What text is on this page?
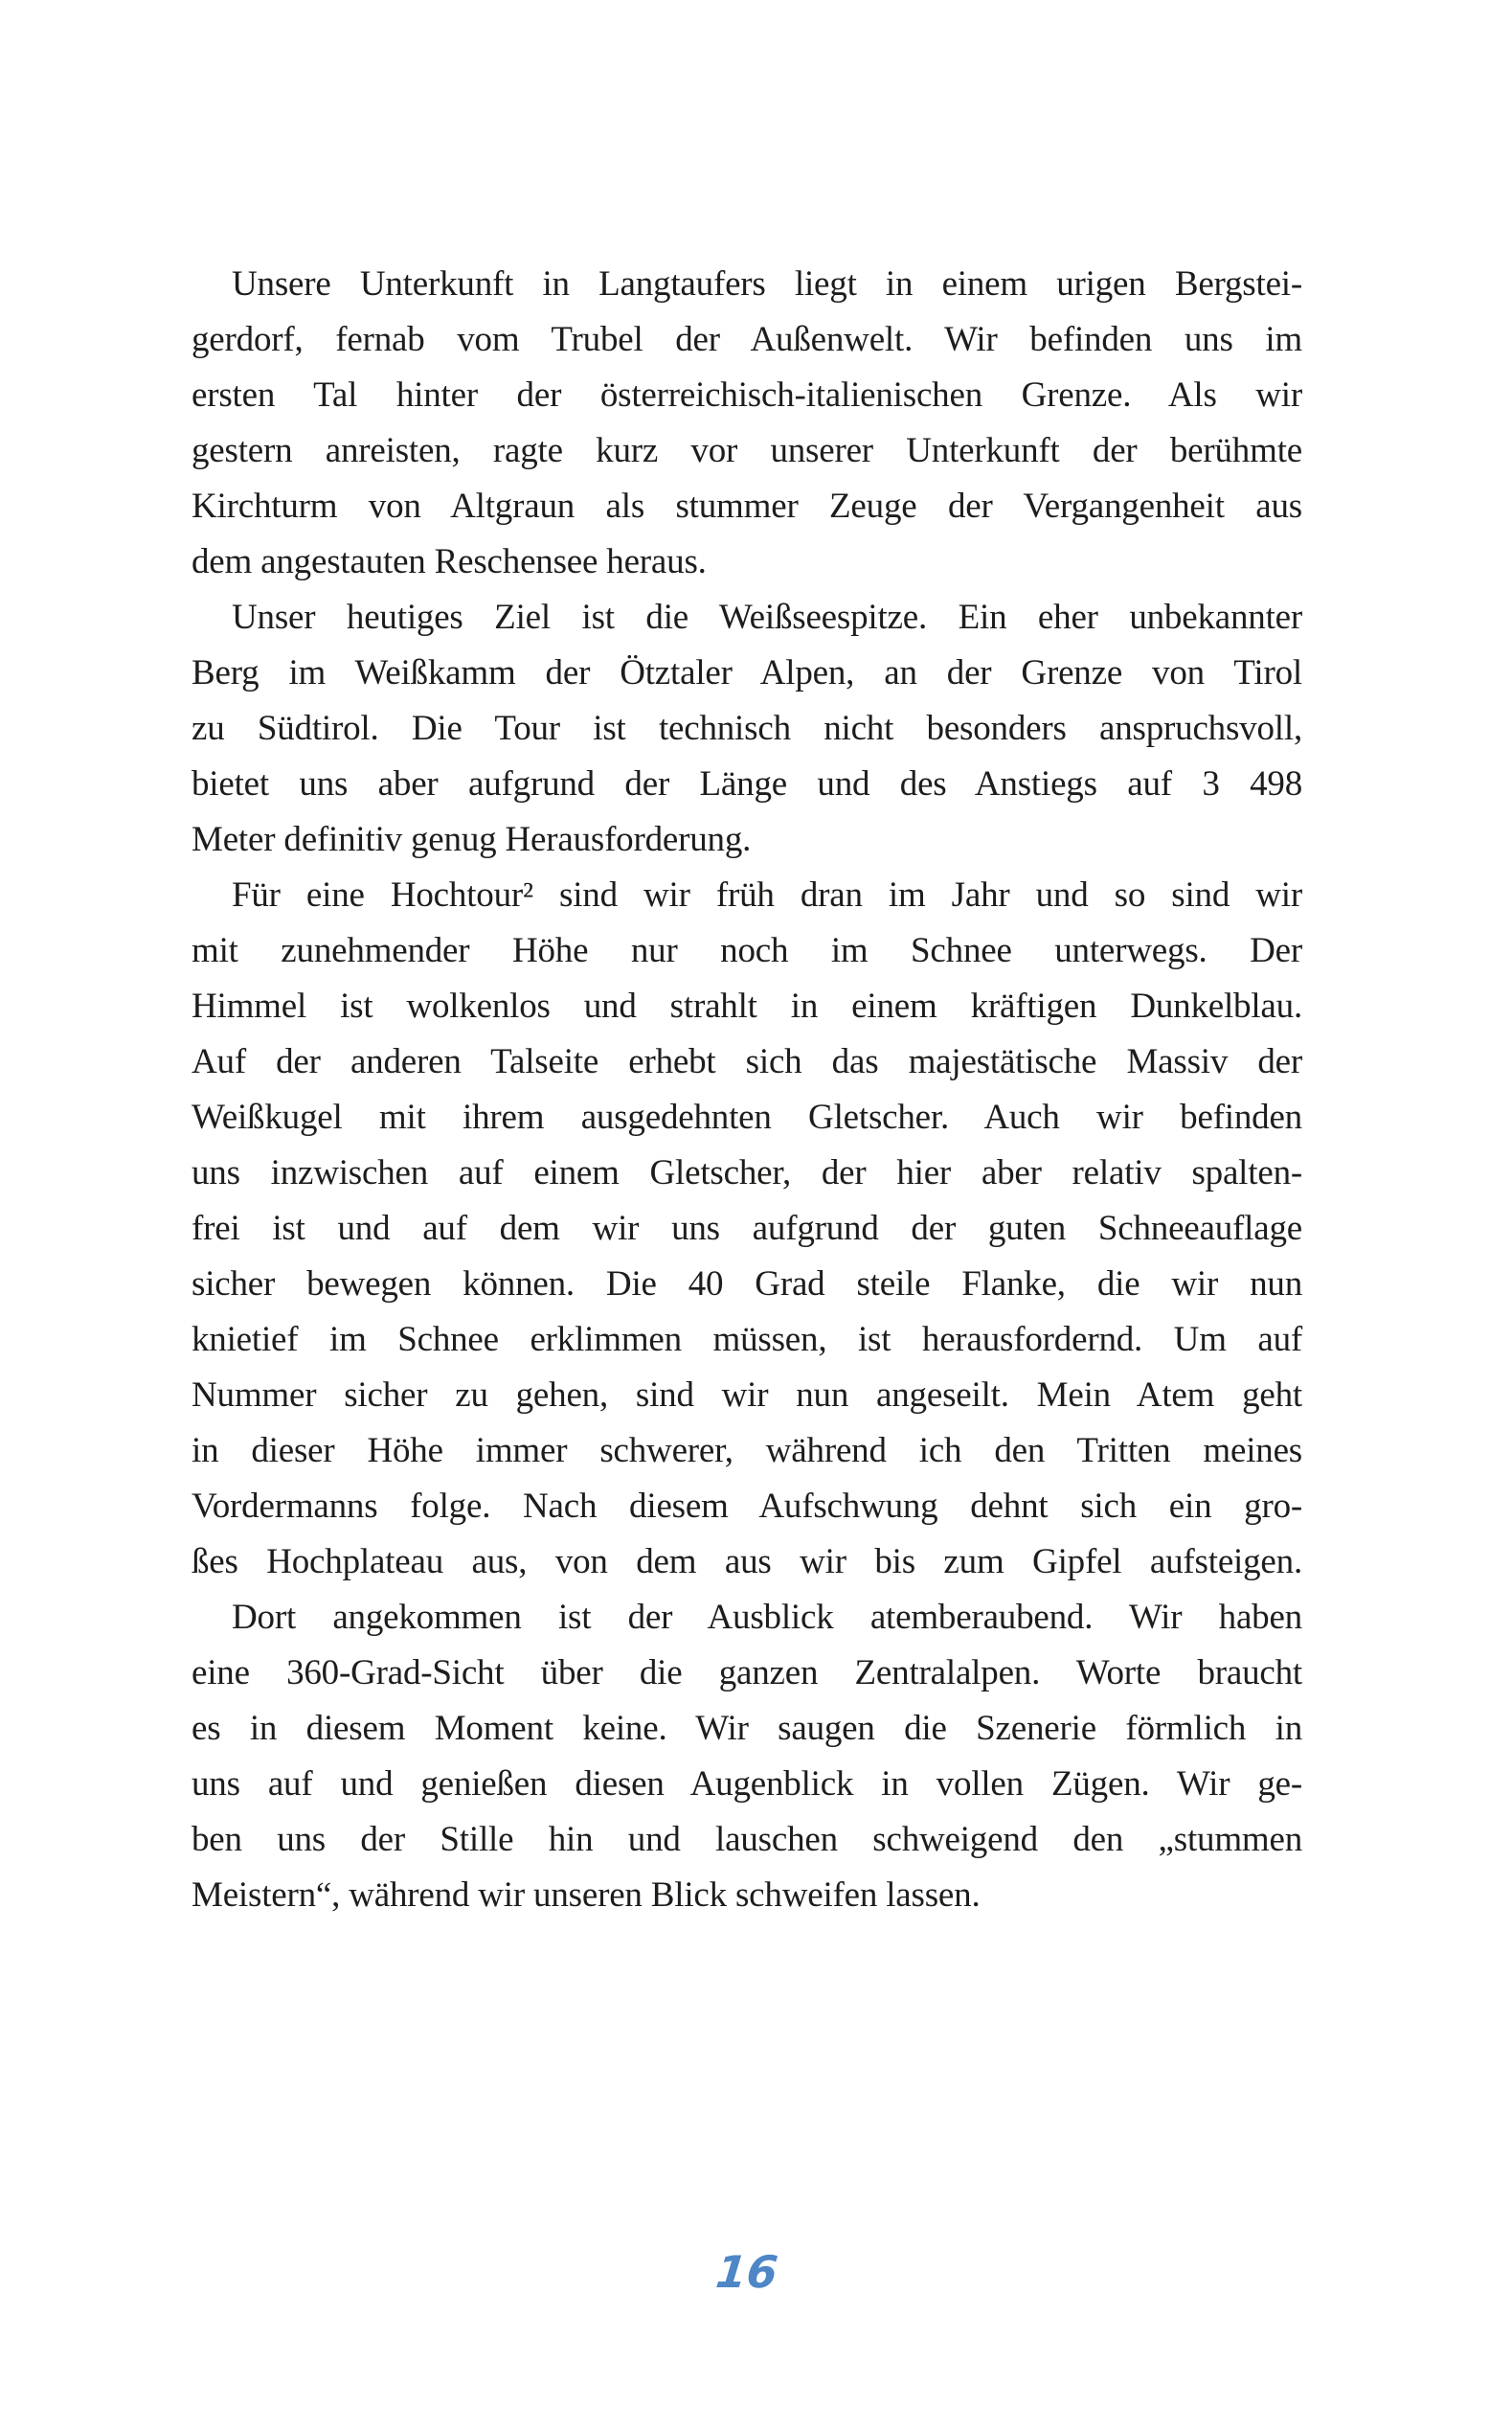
Unsere Unterkunft in Langtaufers liegt in einem urigen Bergstei-
gerdorf, fernab vom Trubel der Außenwelt. Wir befinden uns im
ersten Tal hinter der österreichisch-italienischen Grenze. Als wir
gestern anreisten, ragte kurz vor unserer Unterkunft der berühmte
Kirchturm von Altgraun als stummer Zeuge der Vergangenheit aus
dem angestauten Reschensee heraus.
Unser heutiges Ziel ist die Weißseespitze. Ein eher unbekannter
Berg im Weißkamm der Ötztaler Alpen, an der Grenze von Tirol
zu Südtirol. Die Tour ist technisch nicht besonders anspruchsvoll,
bietet uns aber aufgrund der Länge und des Anstiegs auf 3 498
Meter definitiv genug Herausforderung.
Für eine Hochtour² sind wir früh dran im Jahr und so sind wir
mit zunehmender Höhe nur noch im Schnee unterwegs. Der
Himmel ist wolkenlos und strahlt in einem kräftigen Dunkelblau.
Auf der anderen Talseite erhebt sich das majestätische Massiv der
Weißkugel mit ihrem ausgedehnten Gletscher. Auch wir befinden
uns inzwischen auf einem Gletscher, der hier aber relativ spalten-
frei ist und auf dem wir uns aufgrund der guten Schneeauflage
sicher bewegen können. Die 40 Grad steile Flanke, die wir nun
knietief im Schnee erklimmen müssen, ist herausfordernd. Um auf
Nummer sicher zu gehen, sind wir nun angeseilt. Mein Atem geht
in dieser Höhe immer schwerer, während ich den Tritten meines
Vordermanns folge. Nach diesem Aufschwung dehnt sich ein gro-
ßes Hochplateau aus, von dem aus wir bis zum Gipfel aufsteigen.
Dort angekommen ist der Ausblick atemberaubend. Wir haben
eine 360-Grad-Sicht über die ganzen Zentralalpen. Worte braucht
es in diesem Moment keine. Wir saugen die Szenerie förmlich in
uns auf und genießen diesen Augenblick in vollen Zügen. Wir ge-
ben uns der Stille hin und lauschen schweigend den „stummen
Meistern“, während wir unseren Blick schweifen lassen.
16
